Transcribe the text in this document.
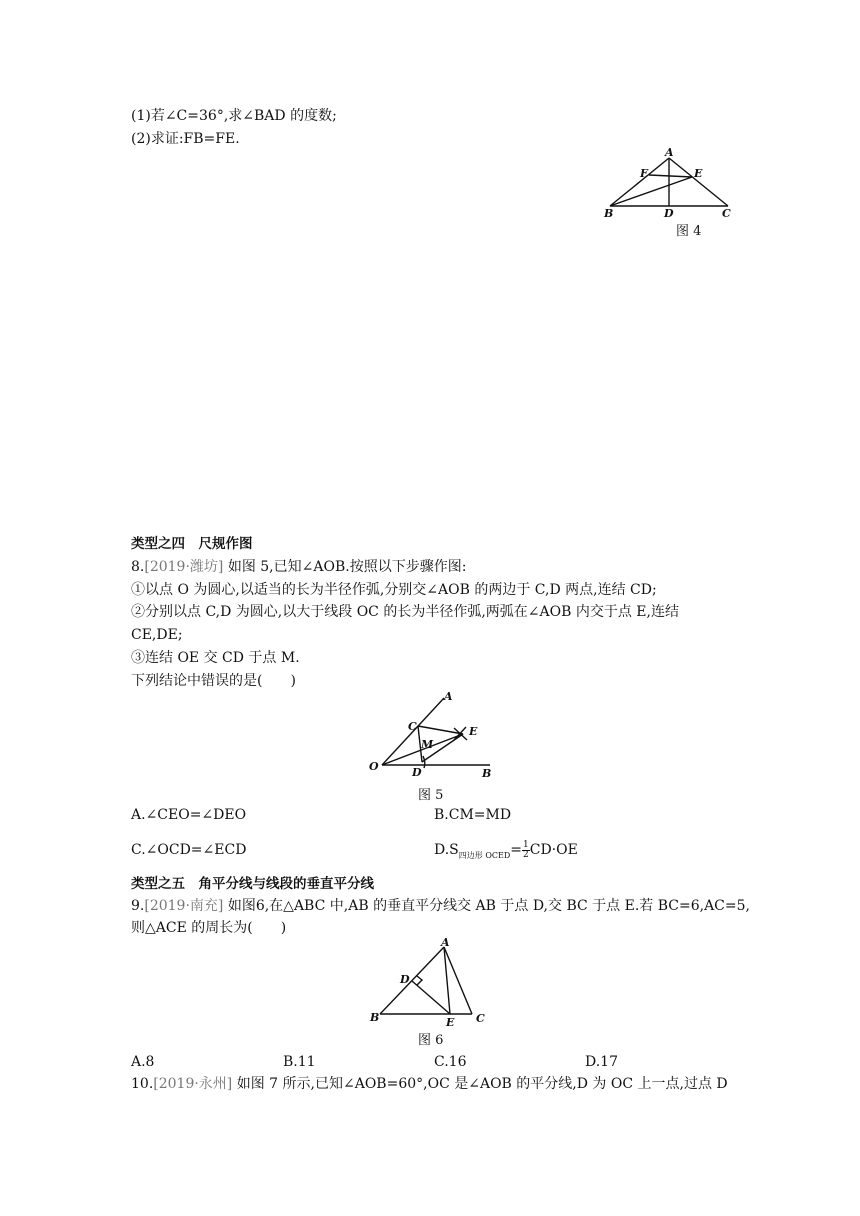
(1)若∠C=36°,求∠BAD 的度数;
(2)求证:FB=FE.
A
F	E
B	D	C
图 4
类型之四　尺规作图
8.[2019·潍坊] 如图 5,已知∠AOB.按照以下步骤作图:
①以点 O 为圆心,以适当的长为半径作弧,分别交∠AOB 的两边于 C,D 两点,连结 CD;
②分别以点 C,D 为圆心,以大于线段 OC 的长为半径作弧,两弧在∠AOB 内交于点 E,连结
CE,DE;
③连结 OE 交 CD 于点 M.
下列结论中错误的是(　　)
A
C	E
M
O	D	B
图 5
A.∠CEO=∠DEO	B.CM=MD
C.∠OCD=∠ECD	$D.S_{四边形 OCED}= \frac{1}{2} CD\cdot OE$
类型之五　角平分线与线段的垂直平分线
9.[2019·南充] 如图6,在△ABC 中,AB 的垂直平分线交 AB 于点 D,交 BC 于点 E.若 BC=6,AC=5,
则△ACE 的周长为(　　)
A
D
B	E C
图 6
A.8	B.11	C.16	D.17
10.[2019·永州] 如图 7 所示,已知∠AOB=60°,OC 是∠AOB 的平分线,D 为 OC 上一点,过点 D
